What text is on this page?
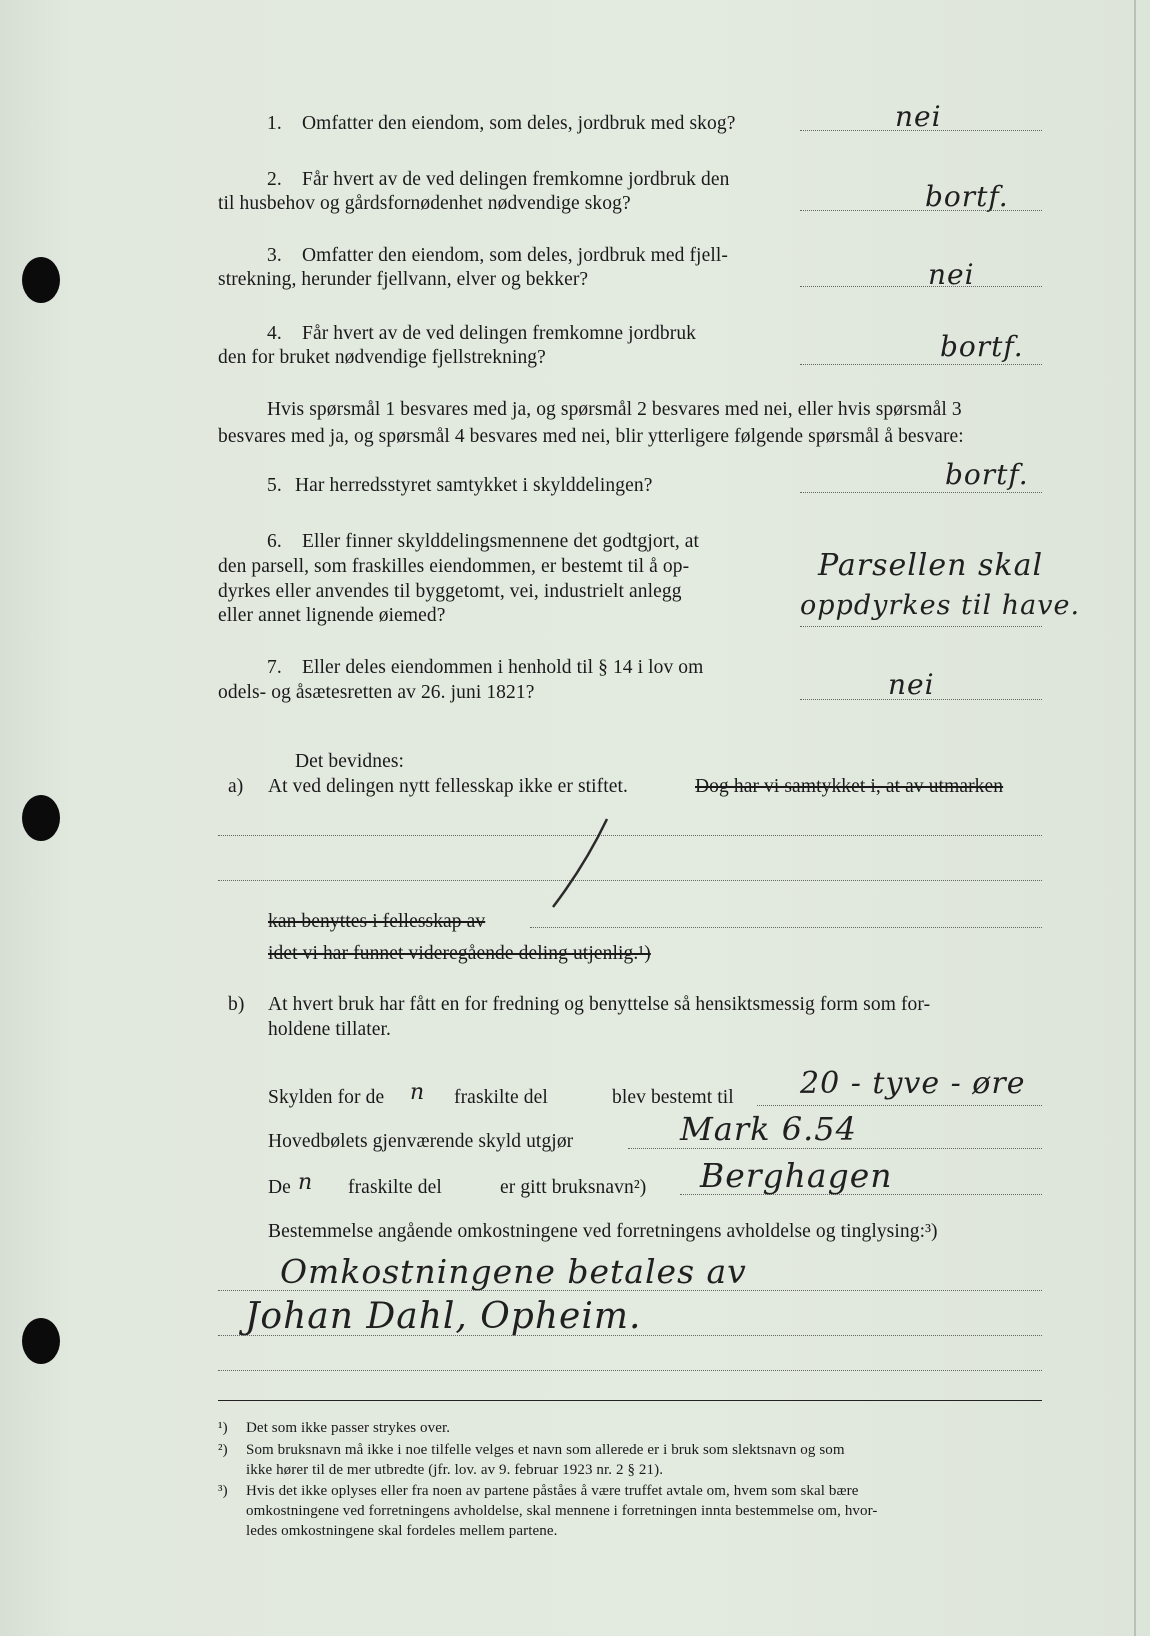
1. Omfatter den eiendom, som deles, jordbruk med skog?	nei
2. Får hvert av de ved delingen fremkomne jordbruk den
til husbehov og gårdsfornødenhet nødvendige skog?	bortf.
3. Omfatter den eiendom, som deles, jordbruk med fjell-
strekning, herunder fjellvann, elver og bekker?	nei
4. Får hvert av de ved delingen fremkomne jordbruk
den for bruket nødvendige fjellstrekning?	bortf.
Hvis spørsmål 1 besvares med ja, og spørsmål 2 besvares med nei, eller hvis spørsmål 3
besvares med ja, og spørsmål 4 besvares med nei, blir ytterligere følgende spørsmål å besvare:
5. Har herredsstyret samtykket i skylddelingen?	bortf.
6. Eller finner skylddelingsmennene det godtgjort, at
den parsell, som fraskilles eiendommen, er bestemt til å op-
dyrkes eller anvendes til byggetomt, vei, industrielt anlegg
eller annet lignende øiemed?
Parsellen skal
oppdyrkes til have.
7. Eller deles eiendommen i henhold til § 14 i lov om
odels- og åsætesretten av 26. juni 1821?	nei
Det bevidnes:
a) At ved delingen nytt fellesskap ikke er stiftet.	Dog har vi samtykket i, at av utmarken
kan benyttes i fellesskap av
idet vi har funnet videregående deling utjenlig.¹)
b) At hvert bruk har fått en for fredning og benyttelse så hensiktsmessig form som for-
holdene tillater.
Skylden for de n fraskilte del	blev bestemt til 20 - tyve - øre
Hovedbølets gjenværende skyld utgjør	Mark 6.54
De n fraskilte del	er gitt bruksnavn²) Berghagen
Bestemmelse angående omkostningene ved forretningens avholdelse og tinglysing:³)
Omkostningene betales av
Johan Dahl, Opheim.
¹) Det som ikke passer strykes over.
²) Som bruksnavn må ikke i noe tilfelle velges et navn som allerede er i bruk som slektsnavn og som
ikke hører til de mer utbredte (jfr. lov. av 9. februar 1923 nr. 2 § 21).
³) Hvis det ikke oplyses eller fra noen av partene påståes å være truffet avtale om, hvem som skal bære
omkostningene ved forretningens avholdelse, skal mennene i forretningen innta bestemmelse om, hvor-
ledes omkostningene skal fordeles mellem partene.
